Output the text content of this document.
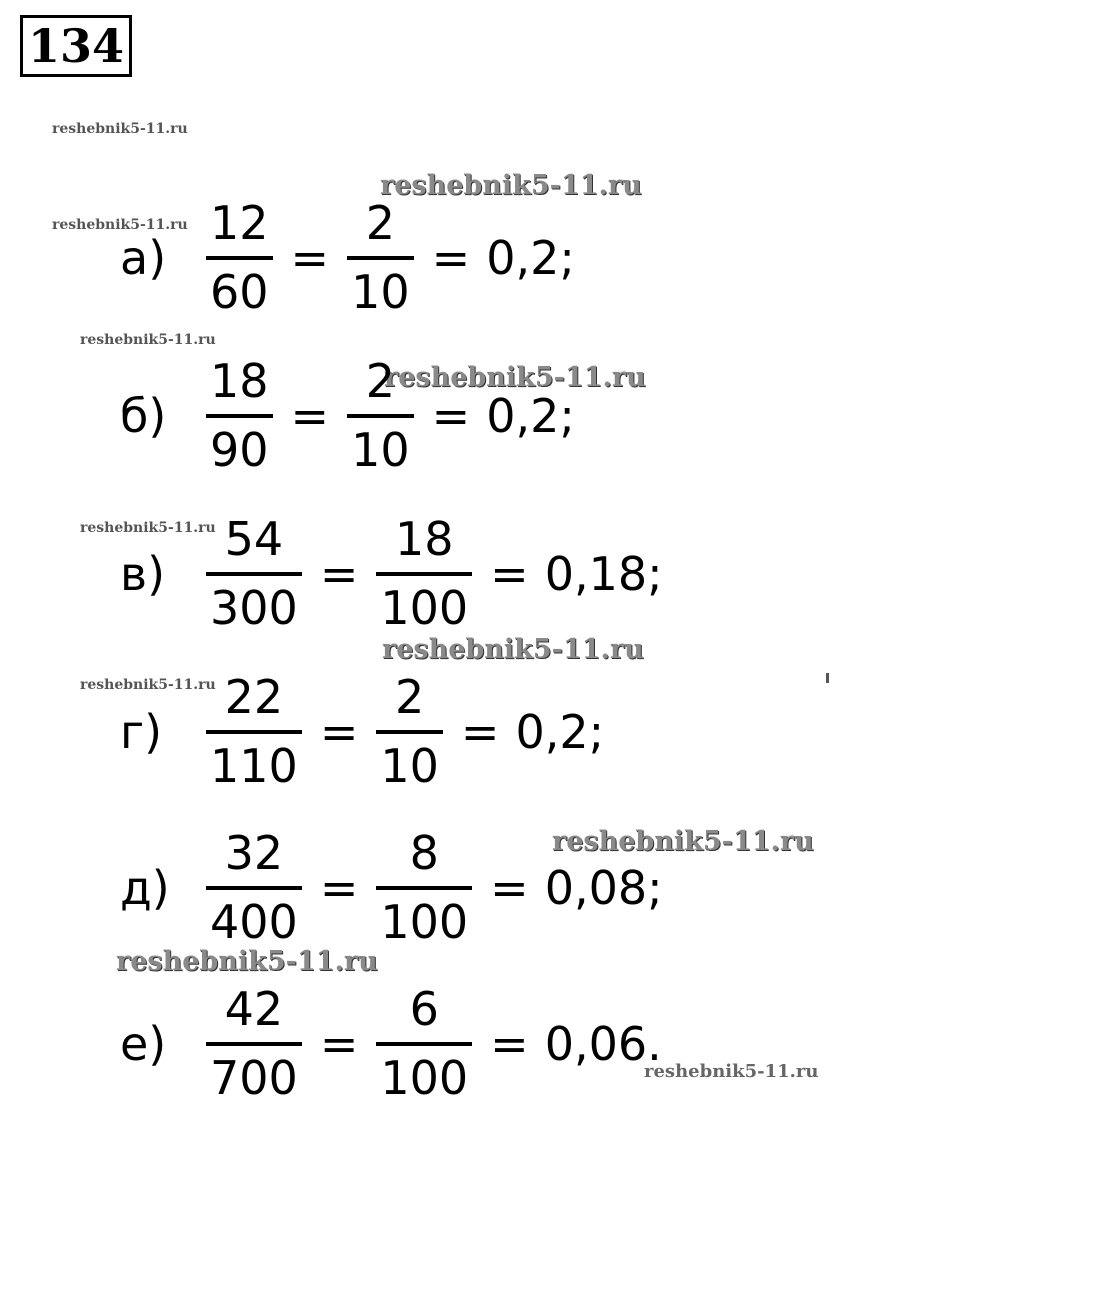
134
reshebnik5-11.ru
reshebnik5-11.ru
reshebnik5-11.ru
reshebnik5-11.ru
reshebnik5-11.ru
reshebnik5-11.ru
reshebnik5-11.ru
reshebnik5-11.ru
reshebnik5-11.ru
reshebnik5-11.ru
reshebnik5-11.ru
$а) \frac{12}{60} = \frac{2}{10} = 0,2$;
$б) \frac{18}{90} = \frac{2}{10} = 0,2$;
$в) \frac{54}{300} = \frac{18}{100} = 0,18$;
$г) \frac{22}{110} = \frac{2}{10} = 0,2$;
$д) \frac{32}{400} = \frac{8}{100} = 0,08$;
$е) \frac{42}{700} = \frac{6}{100} = 0,06$.
